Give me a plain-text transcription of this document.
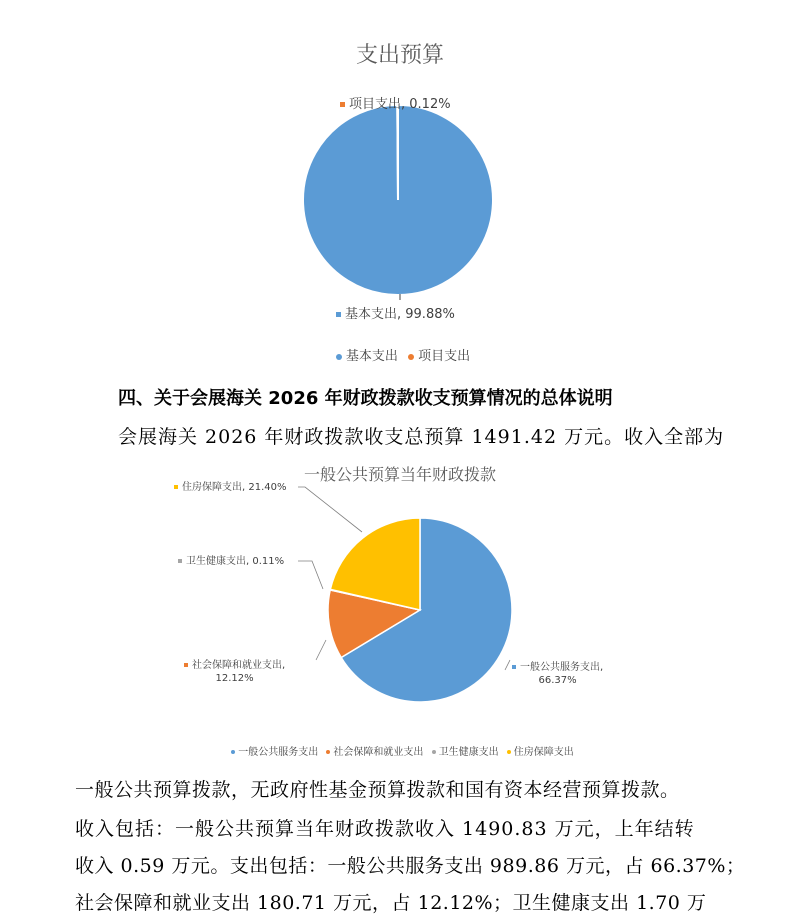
支出预算
项目支出, 0.12%
基本支出, 99.88%
基本支出 项目支出
四、关于会展海关 2026 年财政拨款收支预算情况的总体说明
会展海关 2026 年财政拨款收支总预算 1491.42 万元。收入全部为
一般公共预算当年财政拨款
住房保障支出, 21.40%
卫生健康支出, 0.11%
社会保障和就业支出,
12.12%
一般公共服务支出,
66.37%
一般公共服务支出 社会保障和就业支出 卫生健康支出 住房保障支出
一般公共预算拨款，无政府性基金预算拨款和国有资本经营预算拨款。
收入包括：一般公共预算当年财政拨款收入 1490.83 万元，上年结转
收入 0.59 万元。支出包括：一般公共服务支出 989.86 万元，占 66.37%；
社会保障和就业支出 180.71 万元，占 12.12%；卫生健康支出 1.70 万
